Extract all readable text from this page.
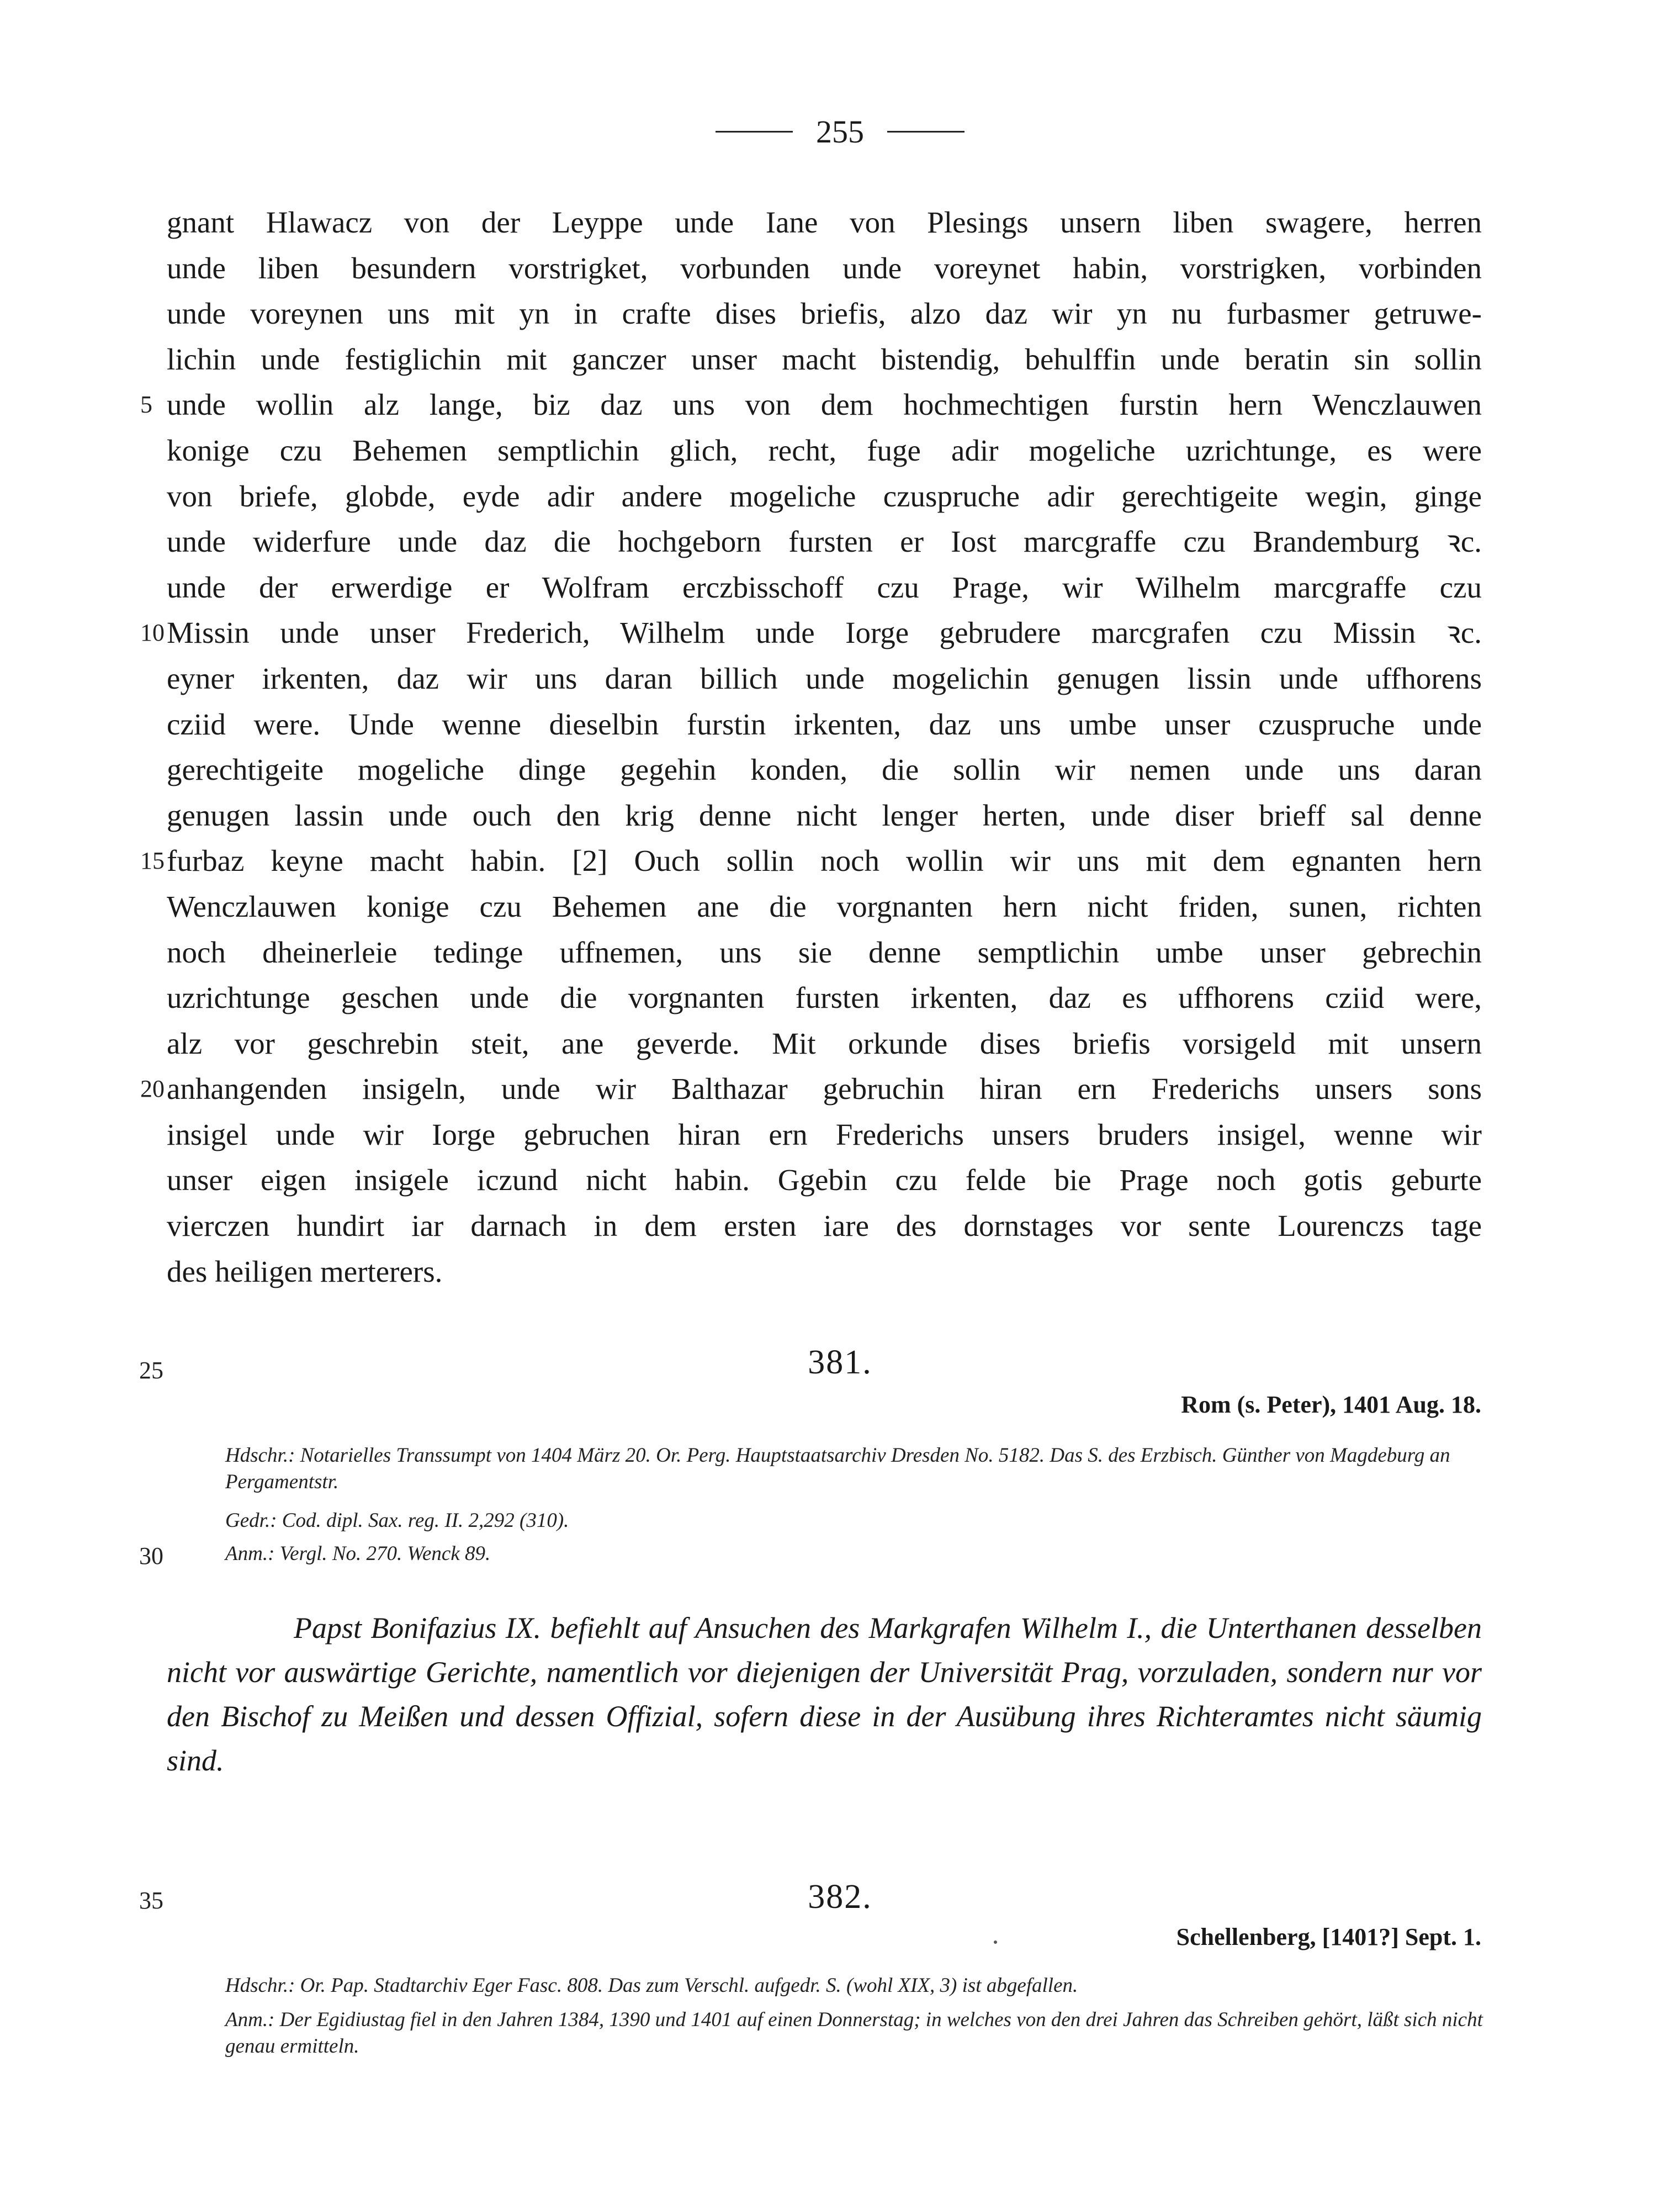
255
gnant Hlawacz von der Leyppe unde Iane von Plesings unsern liben swagere, herren
unde liben besundern vorstrigket, vorbunden unde voreynet habin, vorstrigken, vorbinden
unde voreynen uns mit yn in crafte dises briefis, alzo daz wir yn nu furbasmer getruwe-
lichin unde festiglichin mit ganczer unser macht bistendig, behulffin unde beratin sin sollin
unde wollin alz lange, biz daz uns von dem hochmechtigen furstin hern Wenczlauwen
5
konige czu Behemen semptlichin glich, recht, fuge adir mogeliche uzrichtunge, es were
von briefe, globde, eyde adir andere mogeliche czuspruche adir gerechtigeite wegin, ginge
unde widerfure unde daz die hochgeborn fursten er Iost marcgraffe czu Brandemburg ꝛc.
unde der erwerdige er Wolfram erczbisschoff czu Prage, wir Wilhelm marcgraffe czu
Missin unde unser Frederich, Wilhelm unde Iorge gebrudere marcgrafen czu Missin ꝛc.
10
eyner irkenten, daz wir uns daran billich unde mogelichin genugen lissin unde uffhorens
cziid were. Unde wenne dieselbin furstin irkenten, daz uns umbe unser czuspruche unde
gerechtigeite mogeliche dinge gegehin konden, die sollin wir nemen unde uns daran
genugen lassin unde ouch den krig denne nicht lenger herten, unde diser brieff sal denne
furbaz keyne macht habin. [2] Ouch sollin noch wollin wir uns mit dem egnanten hern
15
Wenczlauwen konige czu Behemen ane die vorgnanten hern nicht friden, sunen, richten
noch dheinerleie tedinge uffnemen, uns sie denne semptlichin umbe unser gebrechin
uzrichtunge geschen unde die vorgnanten fursten irkenten, daz es uffhorens cziid were,
alz vor geschrebin steit, ane geverde. Mit orkunde dises briefis vorsigeld mit unsern
anhangenden insigeln, unde wir Balthazar gebruchin hiran ern Frederichs unsers sons
20
insigel unde wir Iorge gebruchen hiran ern Frederichs unsers bruders insigel, wenne wir
unser eigen insigele iczund nicht habin. Ggebin czu felde bie Prage noch gotis geburte
vierczen hundirt iar darnach in dem ersten iare des dornstages vor sente Lourenczs tage
des heiligen merterers.
25
30
35
381.
Rom (s. Peter), 1401 Aug. 18.
Hdschr.: Notarielles Transsumpt von 1404 März 20. Or. Perg. Hauptstaatsarchiv Dresden No. 5182. Das S. des Erzbisch. Günther von Magdeburg an Pergamentstr.
Gedr.: Cod. dipl. Sax. reg. II. 2,292 (310).
Anm.: Vergl. No. 270. Wenck 89.
Papst Bonifazius IX. befiehlt auf Ansuchen des Markgrafen Wilhelm I., die Unterthanen desselben nicht vor auswärtige Gerichte, namentlich vor diejenigen der Universität Prag, vorzuladen, sondern nur vor den Bischof zu Meißen und dessen Offizial, sofern diese in der Ausübung ihres Richteramtes nicht säumig sind.
382.
Schellenberg, [1401?] Sept. 1.
Hdschr.: Or. Pap. Stadtarchiv Eger Fasc. 808. Das zum Verschl. aufgedr. S. (wohl XIX, 3) ist abgefallen.
Anm.: Der Egidiustag fiel in den Jahren 1384, 1390 und 1401 auf einen Donnerstag; in welches von den drei Jahren das Schreiben gehört, läßt sich nicht genau ermitteln.
